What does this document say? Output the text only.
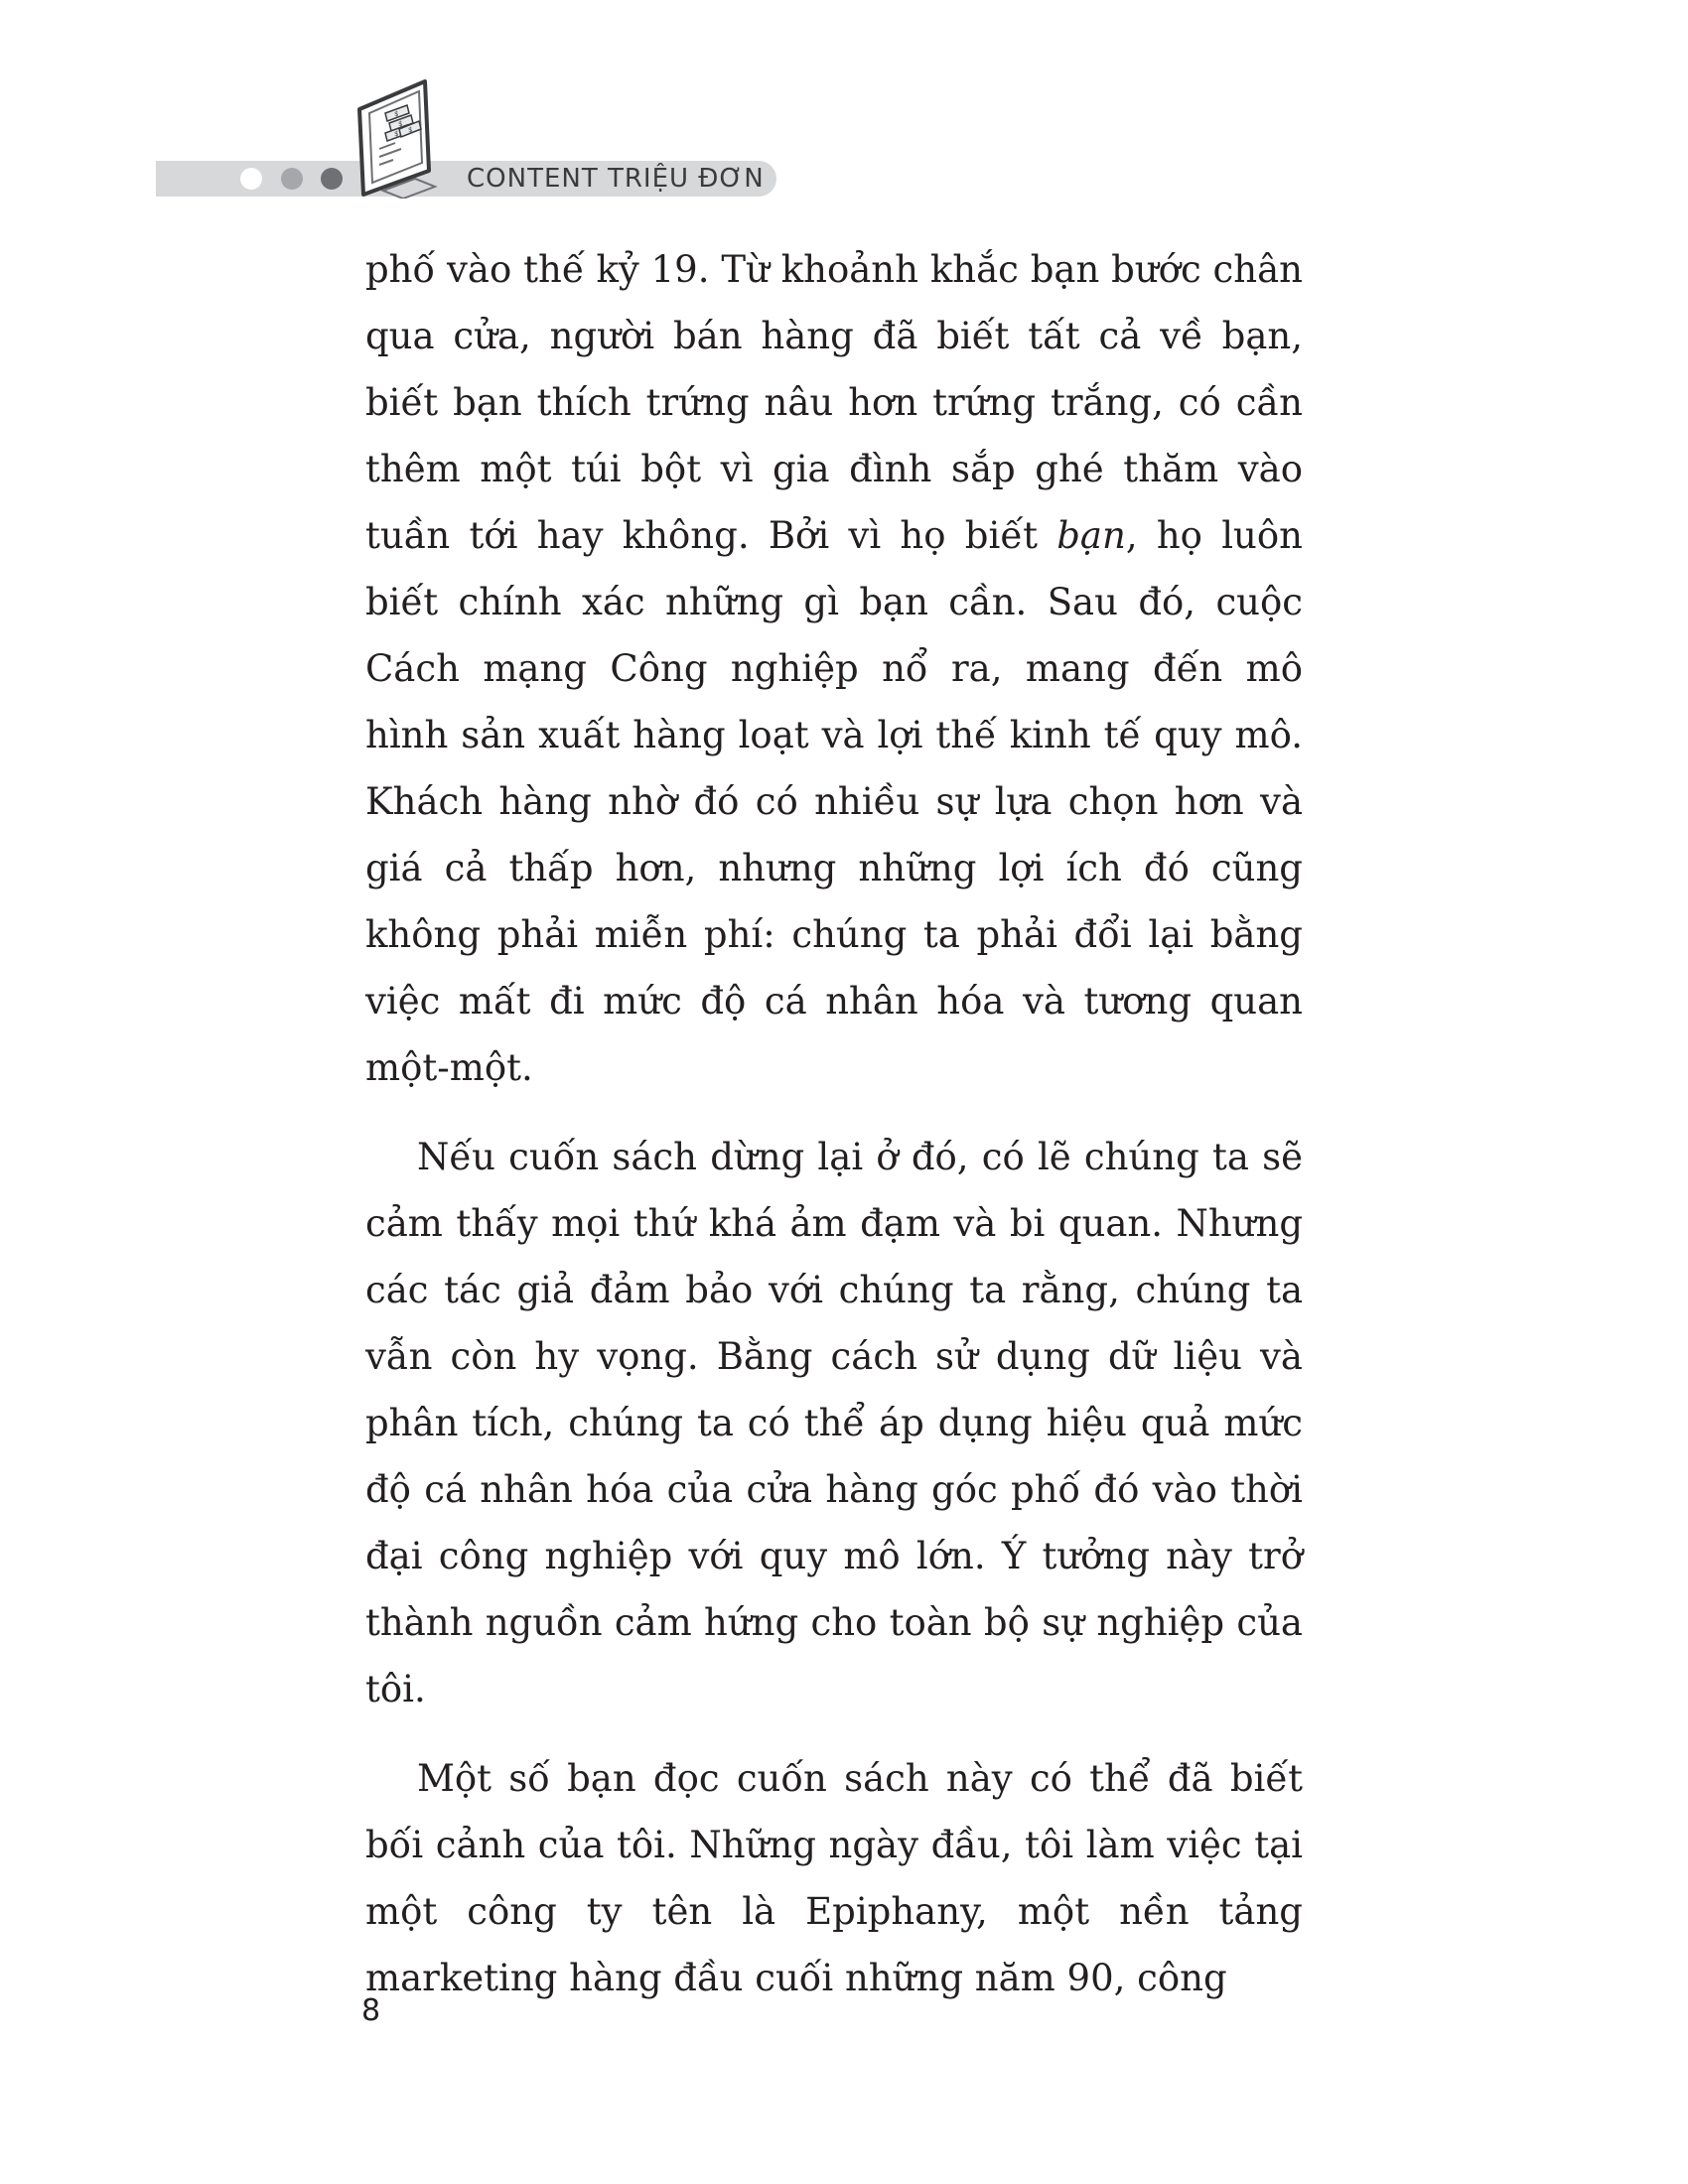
$
$
$ $
CONTENT TRIỆU ĐƠN

phố vào thế kỷ 19. Từ khoảnh khắc bạn bước chân qua cửa, người bán hàng đã biết tất cả về bạn, biết bạn thích trứng nâu hơn trứng trắng, có cần thêm một túi bột vì gia đình sắp ghé thăm vào tuần tới hay không. Bởi vì họ biết bạn, họ luôn biết chính xác những gì bạn cần. Sau đó, cuộc Cách mạng Công nghiệp nổ ra, mang đến mô hình sản xuất hàng loạt và lợi thế kinh tế quy mô. Khách hàng nhờ đó có nhiều sự lựa chọn hơn và giá cả thấp hơn, nhưng những lợi ích đó cũng không phải miễn phí: chúng ta phải đổi lại bằng việc mất đi mức độ cá nhân hóa và tương quan một-một.

Nếu cuốn sách dừng lại ở đó, có lẽ chúng ta sẽ cảm thấy mọi thứ khá ảm đạm và bi quan. Nhưng các tác giả đảm bảo với chúng ta rằng, chúng ta vẫn còn hy vọng. Bằng cách sử dụng dữ liệu và phân tích, chúng ta có thể áp dụng hiệu quả mức độ cá nhân hóa của cửa hàng góc phố đó vào thời đại công nghiệp với quy mô lớn. Ý tưởng này trở thành nguồn cảm hứng cho toàn bộ sự nghiệp của tôi.

Một số bạn đọc cuốn sách này có thể đã biết bối cảnh của tôi. Những ngày đầu, tôi làm việc tại một công ty tên là Epiphany, một nền tảng marketing hàng đầu cuối những năm 90, công

8
